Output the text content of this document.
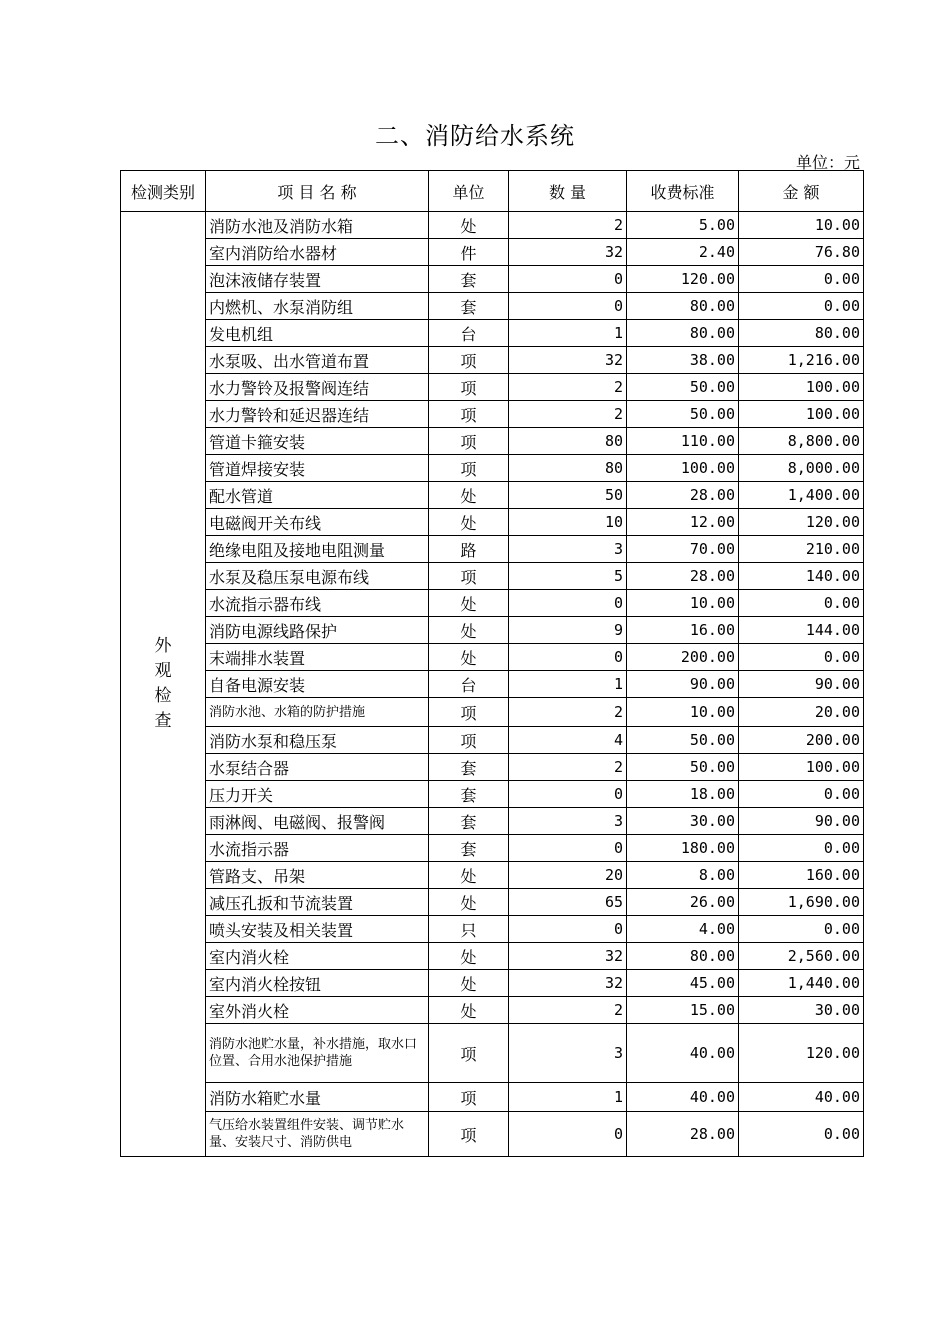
二、消防给水系统
单位：元
检测类别	项 目 名 称	单位	数 量	收费标准	金 额
外观检查	消防水池及消防水箱	处	2	5.00	10.00
	室内消防给水器材	件	32	2.40	76.80
	泡沫液储存装置	套	0	120.00	0.00
	内燃机、水泵消防组	套	0	80.00	0.00
	发电机组	台	1	80.00	80.00
	水泵吸、出水管道布置	项	32	38.00	1,216.00
	水力警铃及报警阀连结	项	2	50.00	100.00
	水力警铃和延迟器连结	项	2	50.00	100.00
	管道卡箍安装	项	80	110.00	8,800.00
	管道焊接安装	项	80	100.00	8,000.00
	配水管道	处	50	28.00	1,400.00
	电磁阀开关布线	处	10	12.00	120.00
	绝缘电阻及接地电阻测量	路	3	70.00	210.00
	水泵及稳压泵电源布线	项	5	28.00	140.00
	水流指示器布线	处	0	10.00	0.00
	消防电源线路保护	处	9	16.00	144.00
	末端排水装置	处	0	200.00	0.00
	自备电源安装	台	1	90.00	90.00
	消防水池、水箱的防护措施	项	2	10.00	20.00
	消防水泵和稳压泵	项	4	50.00	200.00
	水泵结合器	套	2	50.00	100.00
	压力开关	套	0	18.00	0.00
	雨淋阀、电磁阀、报警阀	套	3	30.00	90.00
	水流指示器	套	0	180.00	0.00
	管路支、吊架	处	20	8.00	160.00
	减压孔扳和节流装置	处	65	26.00	1,690.00
	喷头安装及相关装置	只	0	4.00	0.00
	室内消火栓	处	32	80.00	2,560.00
	室内消火栓按钮	处	32	45.00	1,440.00
	室外消火栓	处	2	15.00	30.00
	消防水池贮水量，补水措施，取水口位置、合用水池保护措施	项	3	40.00	120.00
	消防水箱贮水量	项	1	40.00	40.00
	气压给水装置组件安装、调节贮水量、安装尺寸、消防供电	项	0	28.00	0.00
